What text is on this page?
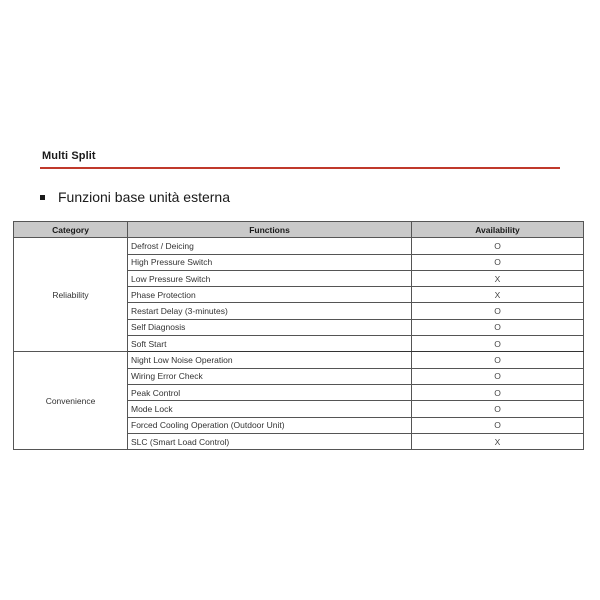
Multi Split
Funzioni base unità esterna
Category	Functions	Availability
Reliability	Defrost / Deicing	O
	High Pressure Switch	O
	Low Pressure Switch	X
	Phase Protection	X
	Restart Delay (3-minutes)	O
	Self Diagnosis	O
	Soft Start	O
Convenience	Night Low Noise Operation	O
	Wiring Error Check	O
	Peak Control	O
	Mode Lock	O
	Forced Cooling Operation (Outdoor Unit)	O
	SLC (Smart Load Control)	X
